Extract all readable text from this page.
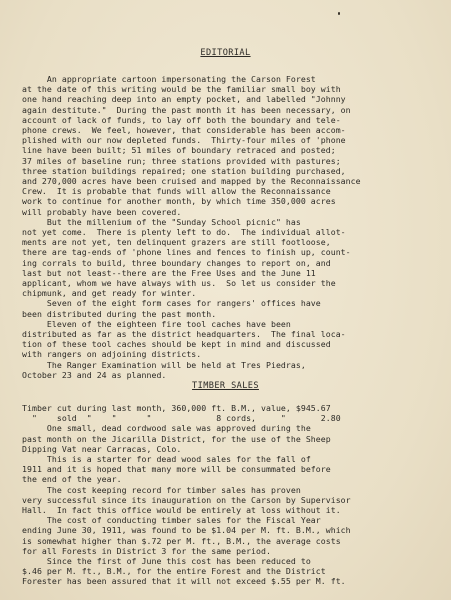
EDITORIAL
An appropriate cartoon impersonating the Carson Forest
at the date of this writing would be the familiar small boy with
one hand reaching deep into an empty pocket, and labelled "Johnny
again destitute."  During the past month it has been necessary, on
account of lack of funds, to lay off both the boundary and tele-
phone crews.  We feel, however, that considerable has been accom-
plished with our now depleted funds.  Thirty-four miles of 'phone
line have been built; 51 miles of boundary retraced and posted;
37 miles of baseline run; three stations provided with pastures;
three station buildings repaired; one station building purchased,
and 270,000 acres have been cruised and mapped by the Reconnaissance
Crew.  It is probable that funds will allow the Reconnaissance
work to continue for another month, by which time 350,000 acres
will probably have been covered.
But the millenium of the "Sunday School picnic" has
not yet come.  There is plenty left to do.  The individual allot-
ments are not yet, ten delinquent grazers are still footloose,
there are tag-ends of 'phone lines and fences to finish up, count-
ing corrals to build, three boundary changes to report on, and
last but not least--there are the Free Uses and the June 11
applicant, whom we have always with us.  So let us consider the
chipmunk, and get ready for winter.
Seven of the eight form cases for rangers' offices have
been distributed during the past month.
Eleven of the eighteen fire tool caches have been
distributed as far as the district headquarters.  The final loca-
tion of these tool caches should be kept in mind and discussed
with rangers on adjoining districts.
The Ranger Examination will be held at Tres Piedras,
October 23 and 24 as planned.
TIMBER SALES
Timber cut during last month, 360,000 ft. B.M., value, $945.67
"    sold  "    "      "             8 cords,     "       2.80
One small, dead cordwood sale was approved during the
past month on the Jicarilla District, for the use of the Sheep
Dipping Vat near Carracas, Colo.
This is a starter for dead wood sales for the fall of
1911 and it is hoped that many more will be consummated before
the end of the year.
The cost keeping record for timber sales has proven
very successful since its inauguration on the Carson by Supervisor
Hall.  In fact this office would be entirely at loss without it.
The cost of conducting timber sales for the Fiscal Year
ending June 30, 1911, was found to be $1.04 per M. ft. B.M., which
is somewhat higher than $.72 per M. ft., B.M., the average costs
for all Forests in District 3 for the same period.
Since the first of June this cost has been reduced to
$.46 per M. ft., B.M., for the entire Forest and the District
Forester has been assured that it will not exceed $.55 per M. ft.
